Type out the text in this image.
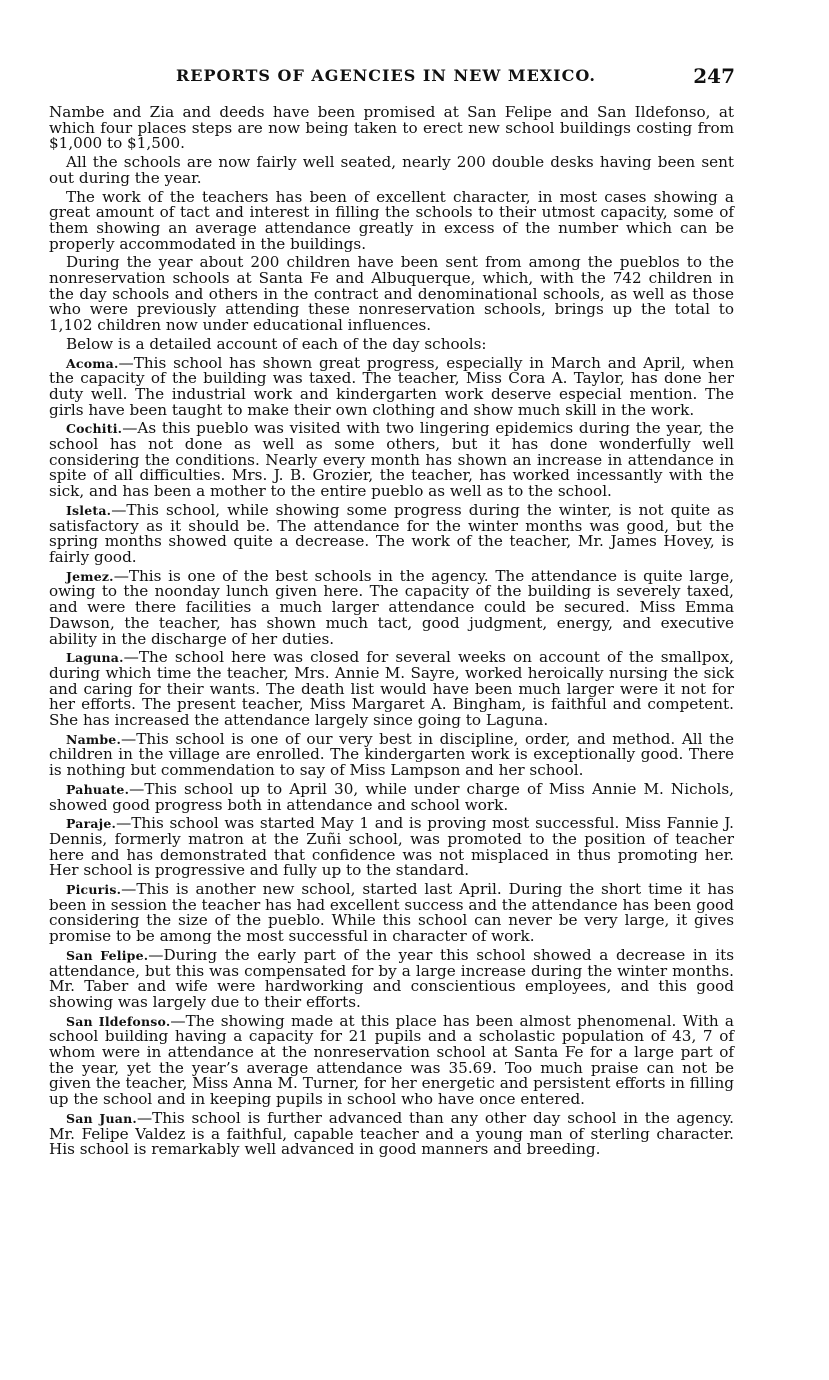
REPORTS OF AGENCIES IN NEW MEXICO.	247

Nambe and Zia and deeds have been promised at San Felipe and San Ildefonso, at which four places steps are now being taken to erect new school buildings costing from $1,000 to $1,500.

All the schools are now fairly well seated, nearly 200 double desks having been sent out during the year.

The work of the teachers has been of excellent character, in most cases showing a great amount of tact and interest in filling the schools to their utmost capacity, some of them showing an average attendance greatly in excess of the number which can be properly accommodated in the buildings.

During the year about 200 children have been sent from among the pueblos to the nonreservation schools at Santa Fe and Albuquerque, which, with the 742 children in the day schools and others in the contract and denominational schools, as well as those who were previously attending these nonreservation schools, brings up the total to 1,102 children now under educational influences.

Below is a detailed account of each of the day schools:

Acoma.—This school has shown great progress, especially in March and April, when the capacity of the building was taxed. The teacher, Miss Cora A. Taylor, has done her duty well. The industrial work and kindergarten work deserve especial mention. The girls have been taught to make their own clothing and show much skill in the work.

Cochiti.—As this pueblo was visited with two lingering epidemics during the year, the school has not done as well as some others, but it has done wonderfully well considering the conditions. Nearly every month has shown an increase in attendance in spite of all difficulties. Mrs. J. B. Grozier, the teacher, has worked incessantly with the sick, and has been a mother to the entire pueblo as well as to the school.

Isleta.—This school, while showing some progress during the winter, is not quite as satisfactory as it should be. The attendance for the winter months was good, but the spring months showed quite a decrease. The work of the teacher, Mr. James Hovey, is fairly good.

Jemez.—This is one of the best schools in the agency. The attendance is quite large, owing to the noonday lunch given here. The capacity of the building is severely taxed, and were there facilities a much larger attendance could be secured. Miss Emma Dawson, the teacher, has shown much tact, good judgment, energy, and executive ability in the discharge of her duties.

Laguna.—The school here was closed for several weeks on account of the smallpox, during which time the teacher, Mrs. Annie M. Sayre, worked heroically nursing the sick and caring for their wants. The death list would have been much larger were it not for her efforts. The present teacher, Miss Margaret A. Bingham, is faithful and competent. She has increased the attendance largely since going to Laguna.

Nambe.—This school is one of our very best in discipline, order, and method. All the children in the village are enrolled. The kindergarten work is exceptionally good. There is nothing but commendation to say of Miss Lampson and her school.

Pahuate.—This school up to April 30, while under charge of Miss Annie M. Nichols, showed good progress both in attendance and school work.

Paraje.—This school was started May 1 and is proving most successful. Miss Fannie J. Dennis, formerly matron at the Zuñi school, was promoted to the position of teacher here and has demonstrated that confidence was not misplaced in thus promoting her. Her school is progressive and fully up to the standard.

Picuris.—This is another new school, started last April. During the short time it has been in session the teacher has had excellent success and the attendance has been good considering the size of the pueblo. While this school can never be very large, it gives promise to be among the most successful in character of work.

San Felipe.—During the early part of the year this school showed a decrease in its attendance, but this was compensated for by a large increase during the winter months. Mr. Taber and wife were hardworking and conscientious employees, and this good showing was largely due to their efforts.

San Ildefonso.—The showing made at this place has been almost phenomenal. With a school building having a capacity for 21 pupils and a scholastic population of 43, 7 of whom were in attendance at the nonreservation school at Santa Fe for a large part of the year, yet the year’s average attendance was 35.69. Too much praise can not be given the teacher, Miss Anna M. Turner, for her energetic and persistent efforts in filling up the school and in keeping pupils in school who have once entered.

San Juan.—This school is further advanced than any other day school in the agency. Mr. Felipe Valdez is a faithful, capable teacher and a young man of sterling character. His school is remarkably well advanced in good manners and breeding.
